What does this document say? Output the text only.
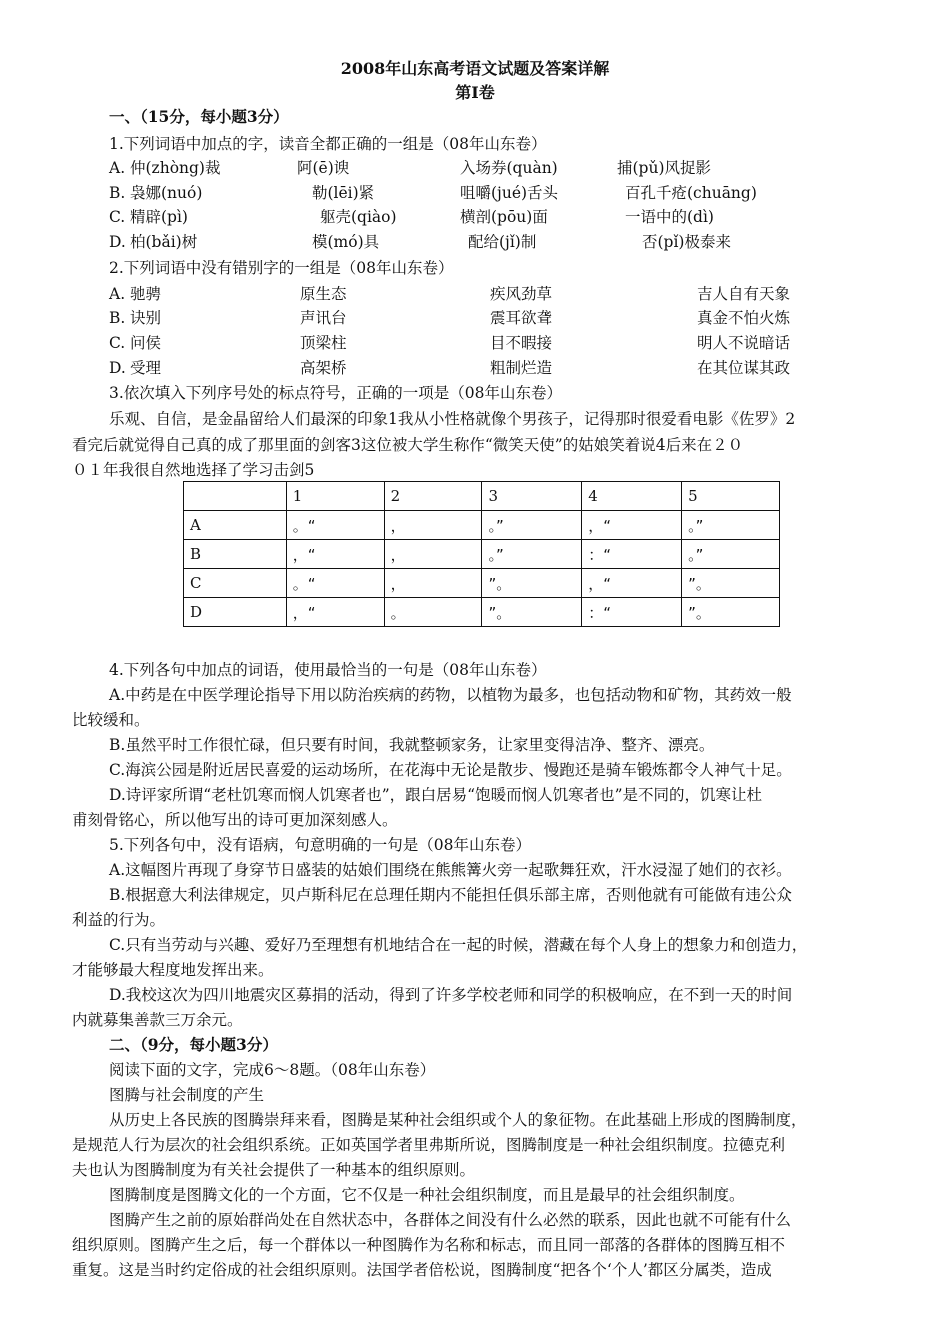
2008年山东高考语文试题及答案详解
第Ⅰ卷
一、（15分，每小题3分）
1.下列词语中加点的字，读音全都正确的一组是（08年山东卷）
A. 仲(zhòng)裁	阿(ē)谀	入场券(quàn)	捕(pǔ)风捉影
B. 袅娜(nuó)	勒(lēi)紧	咀嚼(jué)舌头	百孔千疮(chuāng)
C. 精辟(pì)	躯壳(qiào)	横剖(pōu)面	一语中的(dì)
D. 柏(bǎi)树	模(mó)具	配给(jǐ)制	否(pǐ)极泰来
2.下列词语中没有错别字的一组是（08年山东卷）
A. 驰骋	原生态	疾风劲草	吉人自有天象
B. 诀别	声讯台	震耳欲聋	真金不怕火炼
C. 问侯	顶梁柱	目不暇接	明人不说暗话
D. 受理	高架桥	粗制烂造	在其位谋其政
3.依次填入下列序号处的标点符号，正确的一项是（08年山东卷）
乐观、自信，是金晶留给人们最深的印象1我从小性格就像个男孩子，记得那时很爱看电影《佐罗》2
看完后就觉得自己真的成了那里面的剑客3这位被大学生称作“微笑天使”的姑娘笑着说4后来在２０
０１年我很自然地选择了学习击剑5
	1	2	3	4	5
A	。“	，	。”	，“	。”
B	，“	，	。”	：“	。”
C	。“	，	”。	，“	”。
D	，“	。	”。	：“	”。
4.下列各句中加点的词语，使用最恰当的一句是（08年山东卷）
A.中药是在中医学理论指导下用以防治疾病的药物，以植物为最多，也包括动物和矿物，其药效一般
比较缓和。
B.虽然平时工作很忙碌，但只要有时间，我就整顿家务，让家里变得洁净、整齐、漂亮。
C.海滨公园是附近居民喜爱的运动场所，在花海中无论是散步、慢跑还是骑车锻炼都令人神气十足。
D.诗评家所谓“老杜饥寒而悯人饥寒者也”，跟白居易“饱暖而悯人饥寒者也”是不同的，饥寒让杜
甫刻骨铭心，所以他写出的诗可更加深刻感人。
5.下列各句中，没有语病，句意明确的一句是（08年山东卷）
A.这幅图片再现了身穿节日盛装的姑娘们围绕在熊熊篝火旁一起歌舞狂欢，汗水浸湿了她们的衣衫。
B.根据意大利法律规定，贝卢斯科尼在总理任期内不能担任俱乐部主席，否则他就有可能做有违公众
利益的行为。
C.只有当劳动与兴趣、爱好乃至理想有机地结合在一起的时候，潜藏在每个人身上的想象力和创造力，
才能够最大程度地发挥出来。
D.我校这次为四川地震灾区募捐的活动，得到了许多学校老师和同学的积极响应，在不到一天的时间
内就募集善款三万余元。
二、（9分，每小题3分）
阅读下面的文字，完成6～8题。（08年山东卷）
图腾与社会制度的产生
从历史上各民族的图腾崇拜来看，图腾是某种社会组织或个人的象征物。在此基础上形成的图腾制度，
是规范人行为层次的社会组织系统。正如英国学者里弗斯所说，图腾制度是一种社会组织制度。拉德克利
夫也认为图腾制度为有关社会提供了一种基本的组织原则。
图腾制度是图腾文化的一个方面，它不仅是一种社会组织制度，而且是最早的社会组织制度。
图腾产生之前的原始群尚处在自然状态中，各群体之间没有什么必然的联系，因此也就不可能有什么
组织原则。图腾产生之后，每一个群体以一种图腾作为名称和标志，而且同一部落的各群体的图腾互相不
重复。这是当时约定俗成的社会组织原则。法国学者倍松说，图腾制度“把各个‘个人’都区分属类，造成
